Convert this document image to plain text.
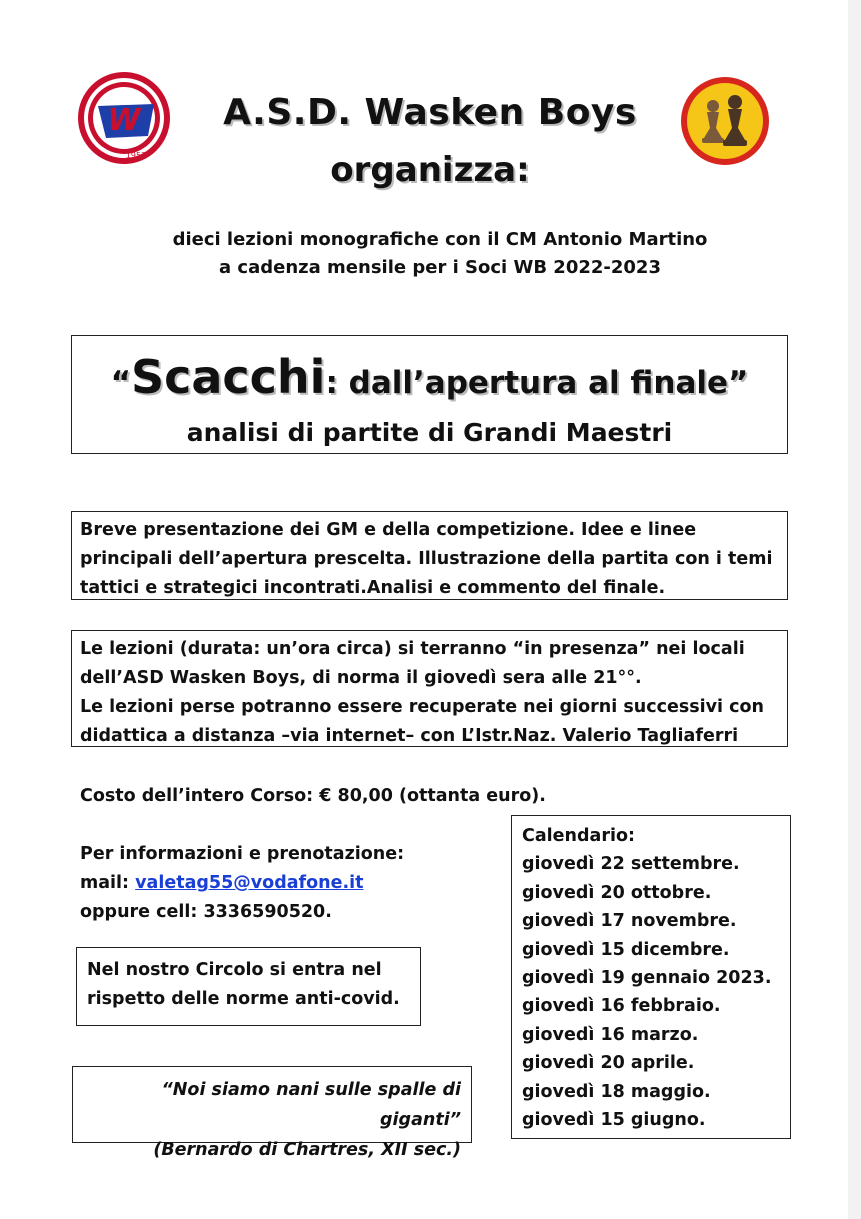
W
1952
A.S.D. Wasken Boys
organizza:
dieci lezioni monografiche con il CM Antonio Martino
a cadenza mensile per i Soci WB 2022-2023
“Scacchi: dall’apertura al finale”
analisi di partite di Grandi Maestri
Breve presentazione dei GM e della competizione. Idee e linee
principali dell’apertura prescelta. Illustrazione della partita con i temi
tattici e strategici incontrati.Analisi e commento del finale.
Le lezioni (durata: un’ora circa) si terranno “in presenza” nei locali
dell’ASD Wasken Boys, di norma il giovedì sera alle 21°°.
Le lezioni perse potranno essere recuperate nei giorni successivi con
didattica a distanza –via internet– con L’Istr.Naz. Valerio Tagliaferri
Costo dell’intero Corso: € 80,00 (ottanta euro).
Per informazioni e prenotazione:
mail: valetag55@vodafone.it
oppure cell: 3336590520.
Nel nostro Circolo si entra nel
rispetto delle norme anti-covid.
“Noi siamo nani sulle spalle di giganti”
(Bernardo di Chartres, XII sec.)
Calendario:
giovedì 22 settembre.
giovedì 20 ottobre.
giovedì 17 novembre.
giovedì 15 dicembre.
giovedì 19 gennaio 2023.
giovedì 16 febbraio.
giovedì 16 marzo.
giovedì 20 aprile.
giovedì 18 maggio.
giovedì 15 giugno.
